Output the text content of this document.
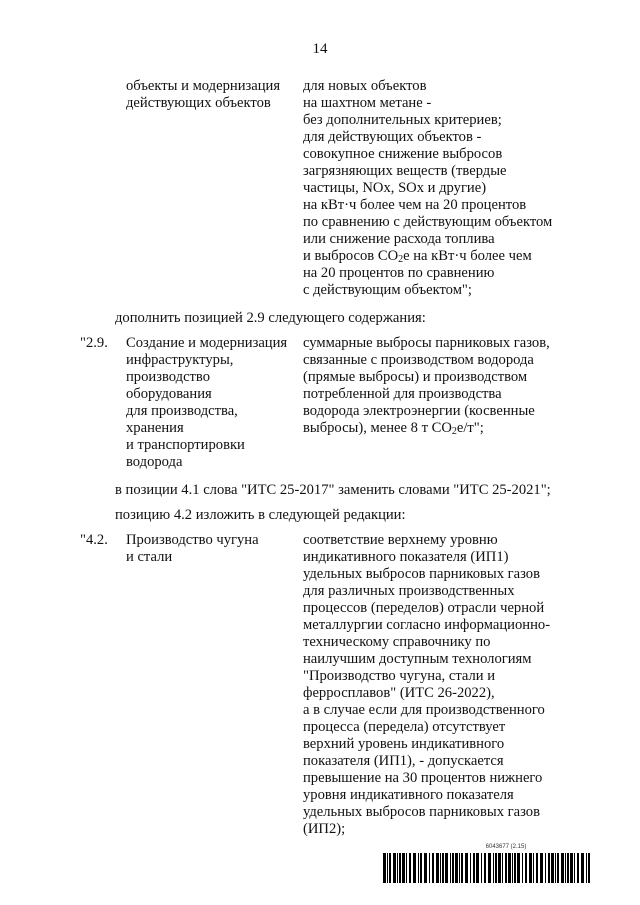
14
объекты и модернизация
действующих объектов
для новых объектов
на шахтном метане -
без дополнительных критериев;
для действующих объектов -
совокупное снижение выбросов
загрязняющих веществ (твердые
частицы, NOx, SOx и другие)
на кВт·ч более чем на 20 процентов
по сравнению с действующим объектом
или снижение расхода топлива
и выбросов $CO_2е$ на кВт·ч более чем
на 20 процентов по сравнению
с действующим объектом";
дополнить позицией 2.9 следующего содержания:
"2.9. Создание и модернизация
инфраструктуры,
производство
оборудования
для производства,
хранения
и транспортировки
водорода
суммарные выбросы парниковых газов,
связанные с производством водорода
(прямые выбросы) и производством
потребленной для производства
водорода электроэнергии (косвенные
выбросы), менее 8 т $CO_2е/т$";
в позиции 4.1 слова "ИТС 25-2017" заменить словами "ИТС 25-2021";
позицию 4.2 изложить в следующей редакции:
"4.2. Производство чугуна
и стали
соответствие верхнему уровню
индикативного показателя (ИП1)
удельных выбросов парниковых газов
для различных производственных
процессов (переделов) отрасли черной
металлургии согласно информационно-
техническому справочнику по
наилучшим доступным технологиям
"Производство чугуна, стали и
ферросплавов" (ИТС 26-2022),
а в случае если для производственного
процесса (передела) отсутствует
верхний уровень индикативного
показателя (ИП1), - допускается
превышение на 30 процентов нижнего
уровня индикативного показателя
удельных выбросов парниковых газов
(ИП2);
6043677 (2.15)
